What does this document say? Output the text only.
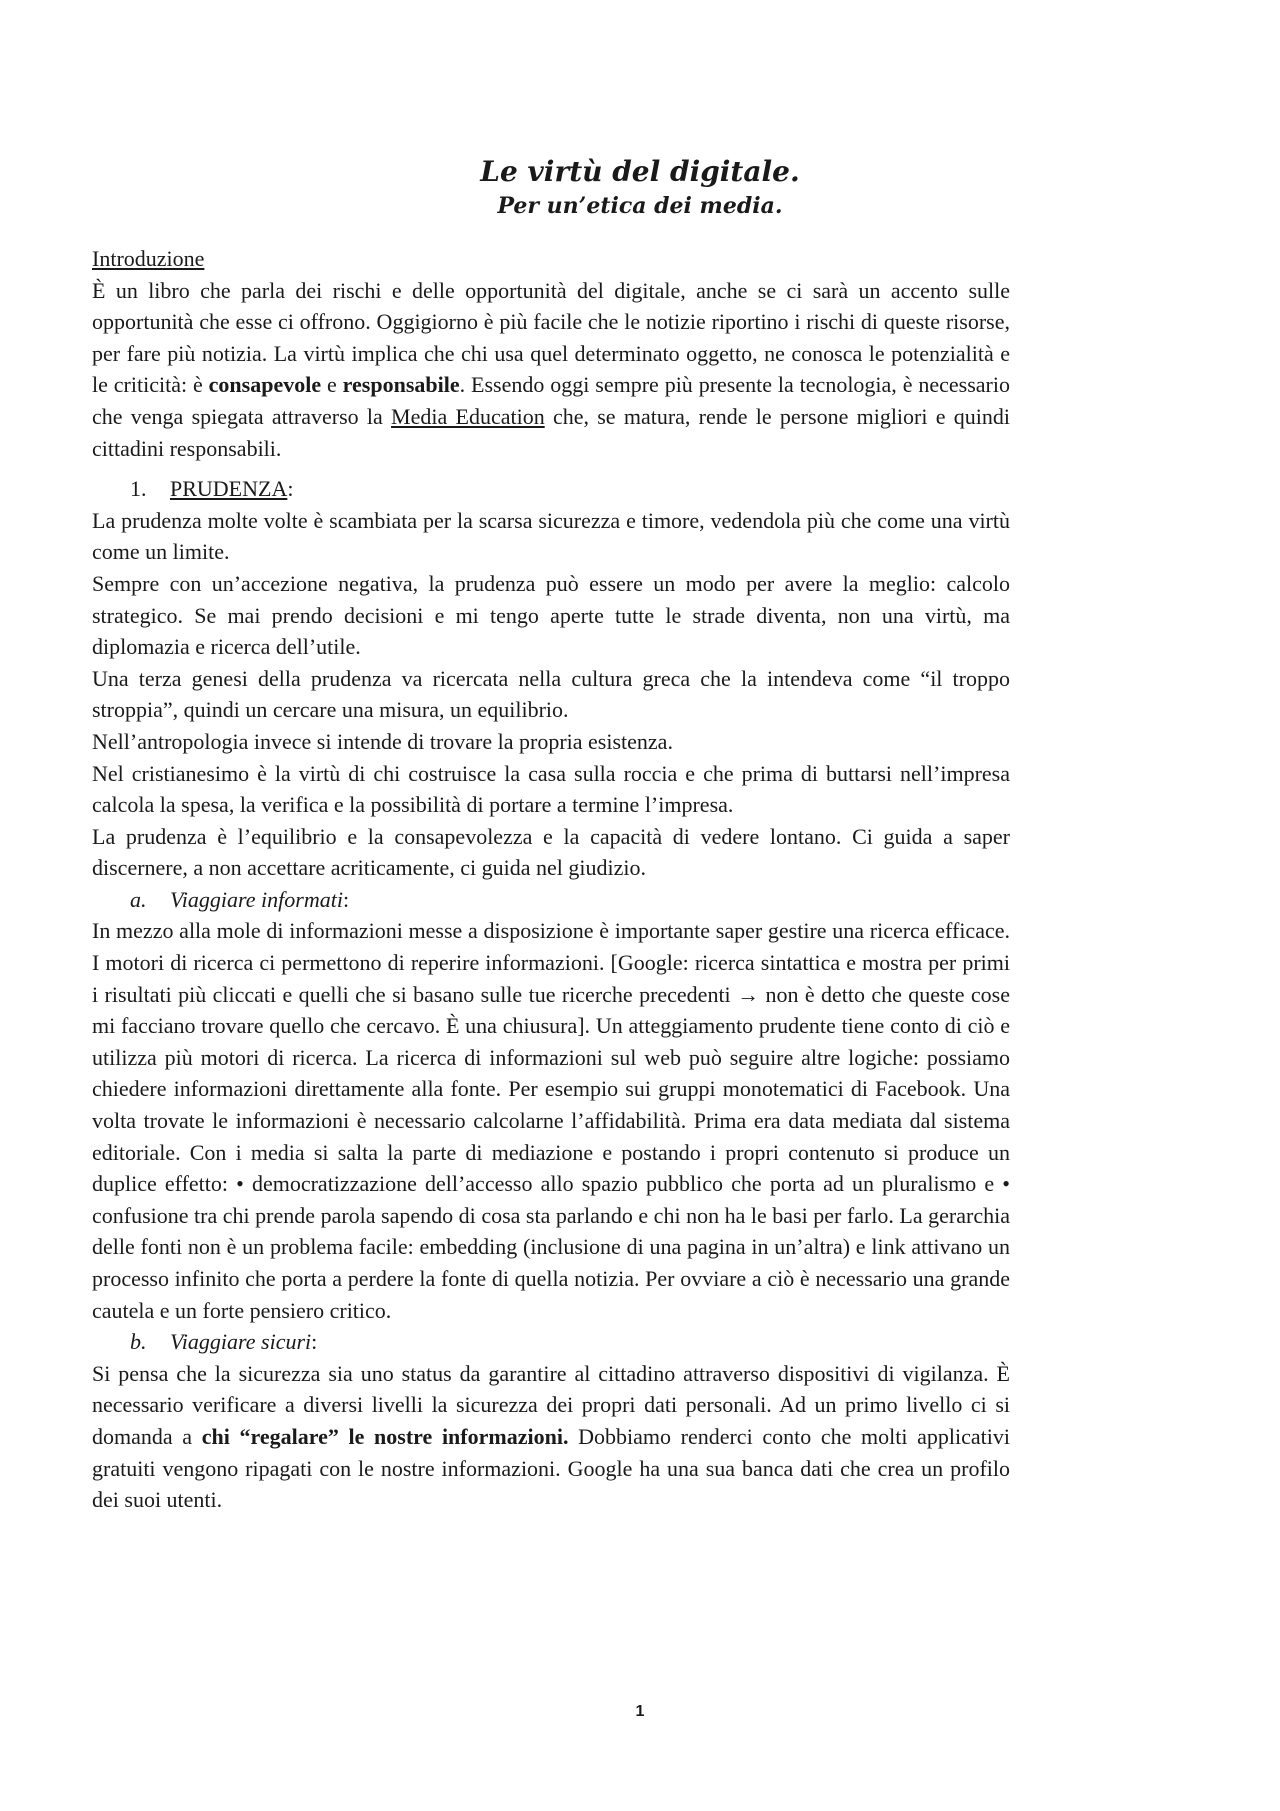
Le virtù del digitale.

Per un’etica dei media.

Introduzione

È un libro che parla dei rischi e delle opportunità del digitale, anche se ci sarà un accento sulle opportunità che esse ci offrono. Oggigiorno è più facile che le notizie riportino i rischi di queste risorse, per fare più notizia. La virtù implica che chi usa quel determinato oggetto, ne conosca le potenzialità e le criticità: è consapevole e responsabile. Essendo oggi sempre più presente la tecnologia, è necessario che venga spiegata attraverso la Media Education che, se matura, rende le persone migliori e quindi cittadini responsabili.

1. PRUDENZA:

La prudenza molte volte è scambiata per la scarsa sicurezza e timore, vedendola più che come una virtù come un limite.

Sempre con un’accezione negativa, la prudenza può essere un modo per avere la meglio: calcolo strategico. Se mai prendo decisioni e mi tengo aperte tutte le strade diventa, non una virtù, ma diplomazia e ricerca dell’utile.

Una terza genesi della prudenza va ricercata nella cultura greca che la intendeva come “il troppo stroppia”, quindi un cercare una misura, un equilibrio.

Nell’antropologia invece si intende di trovare la propria esistenza.

Nel cristianesimo è la virtù di chi costruisce la casa sulla roccia e che prima di buttarsi nell’impresa calcola la spesa, la verifica e la possibilità di portare a termine l’impresa.

La prudenza è l’equilibrio e la consapevolezza e la capacità di vedere lontano. Ci guida a saper discernere, a non accettare acriticamente, ci guida nel giudizio.

a. Viaggiare informati:

In mezzo alla mole di informazioni messe a disposizione è importante saper gestire una ricerca efficace. I motori di ricerca ci permettono di reperire informazioni. [Google: ricerca sintattica e mostra per primi i risultati più cliccati e quelli che si basano sulle tue ricerche precedenti → non è detto che queste cose mi facciano trovare quello che cercavo. È una chiusura]. Un atteggiamento prudente tiene conto di ciò e utilizza più motori di ricerca. La ricerca di informazioni sul web può seguire altre logiche: possiamo chiedere informazioni direttamente alla fonte. Per esempio sui gruppi monotematici di Facebook. Una volta trovate le informazioni è necessario calcolarne l’affidabilità. Prima era data mediata dal sistema editoriale. Con i media si salta la parte di mediazione e postando i propri contenuto si produce un duplice effetto: • democratizzazione dell’accesso allo spazio pubblico che porta ad un pluralismo e • confusione tra chi prende parola sapendo di cosa sta parlando e chi non ha le basi per farlo. La gerarchia delle fonti non è un problema facile: embedding (inclusione di una pagina in un’altra) e link attivano un processo infinito che porta a perdere la fonte di quella notizia. Per ovviare a ciò è necessario una grande cautela e un forte pensiero critico.

b. Viaggiare sicuri:

Si pensa che la sicurezza sia uno status da garantire al cittadino attraverso dispositivi di vigilanza. È necessario verificare a diversi livelli la sicurezza dei propri dati personali. Ad un primo livello ci si domanda a chi “regalare” le nostre informazioni. Dobbiamo renderci conto che molti applicativi gratuiti vengono ripagati con le nostre informazioni. Google ha una sua banca dati che crea un profilo dei suoi utenti.

1
